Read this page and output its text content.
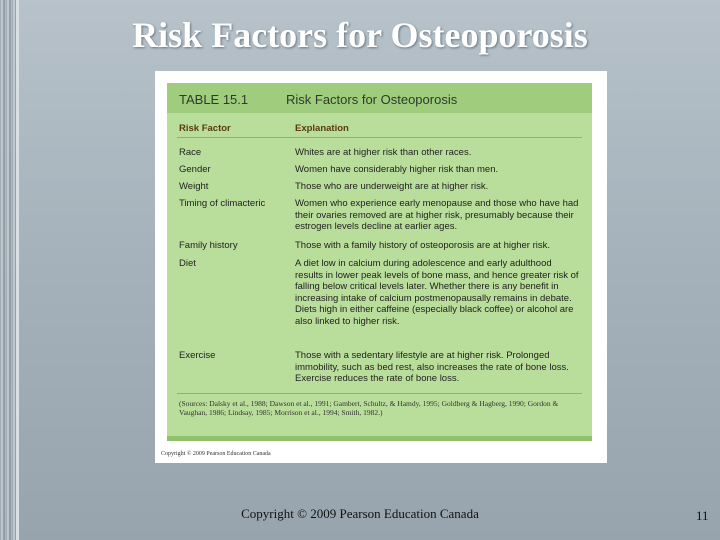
Risk Factors for Osteoporosis
TABLE 15.1	Risk Factors for Osteoporosis
Risk Factor	Explanation
Race	Whites are at higher risk than other races.
Gender	Women have considerably higher risk than men.
Weight	Those who are underweight are at higher risk.
Timing of climacteric	Women who experience early menopause and those who have had their ovaries removed are at higher risk, presumably because their estrogen levels decline at earlier ages.
Family history	Those with a family history of osteoporosis are at higher risk.
Diet	A diet low in calcium during adolescence and early adulthood results in lower peak levels of bone mass, and hence greater risk of falling below critical levels later. Whether there is any benefit in increasing intake of calcium postmenopausally remains in debate. Diets high in either caffeine (especially black coffee) or alcohol are also linked to higher risk.
Exercise	Those with a sedentary lifestyle are at higher risk. Prolonged immobility, such as bed rest, also increases the rate of bone loss. Exercise reduces the rate of bone loss.
(Sources: Dalsky et al., 1988; Dawson et al., 1991; Gambert, Schultz, & Hamdy, 1995; Goldberg & Hagberg, 1990; Gordon & Vaughan, 1986; Lindsay, 1985; Morrison et al., 1994; Smith, 1982.)
Copyright © 2009 Pearson Education Canada
Copyright © 2009 Pearson Education Canada	11
